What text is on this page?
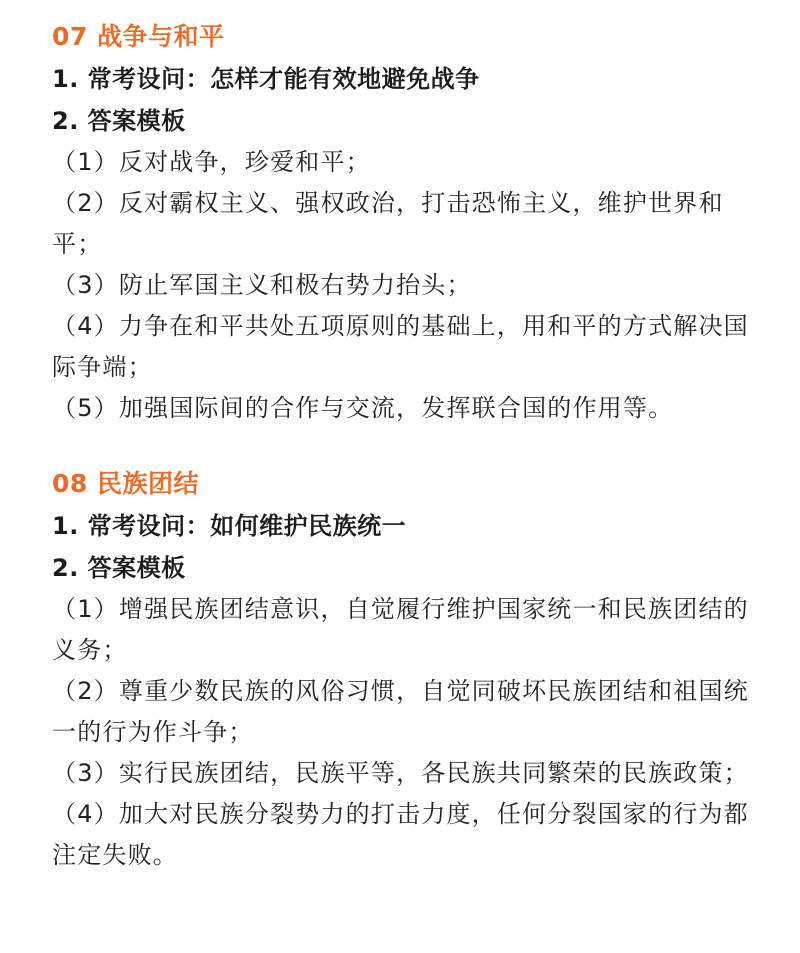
07 战争与和平

1. 常考设问：怎样才能有效地避免战争

2. 答案模板

（1）反对战争，珍爱和平；

（2）反对霸权主义、强权政治，打击恐怖主义，维护世界和平；

（3）防止军国主义和极右势力抬头；

（4）力争在和平共处五项原则的基础上，用和平的方式解决国际争端；

（5）加强国际间的合作与交流，发挥联合国的作用等。

08 民族团结

1. 常考设问：如何维护民族统一

2. 答案模板

（1）增强民族团结意识，自觉履行维护国家统一和民族团结的义务；

（2）尊重少数民族的风俗习惯，自觉同破坏民族团结和祖国统一的行为作斗争；

（3）实行民族团结，民族平等，各民族共同繁荣的民族政策；

（4）加大对民族分裂势力的打击力度，任何分裂国家的行为都注定失败。
